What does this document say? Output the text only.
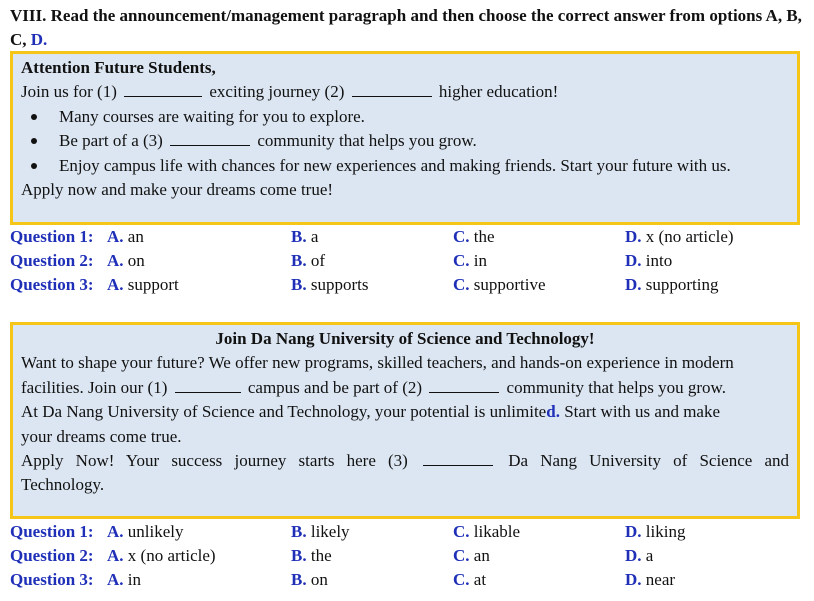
VIII. Read the announcement/management paragraph and then choose the correct answer from options A, B, C, D.
Attention Future Students,
Join us for (1)	exciting journey (2)	higher education!
Many courses are waiting for you to explore.
Be part of a (3)	community that helps you grow.
Enjoy campus life with chances for new experiences and making friends. Start your future with us.
Apply now and make your dreams come true!
Question 1: A. an	B. a	C. the	D. x (no article)
Question 2: A. on	B. of	C. in	D. into
Question 3: A. support	B. supports	C. supportive	D. supporting
Join Da Nang University of Science and Technology!
Want to shape your future? We offer new programs, skilled teachers, and hands-on experience in modern
facilities. Join our (1)	campus and be part of (2)	community that helps you grow.
At Da Nang University of Science and Technology, your potential is unlimited. Start with us and make
your dreams come true.
Apply Now! Your success journey starts here (3)	Da Nang University of Science and
Technology.
Question 1: A. unlikely	B. likely	C. likable	D. liking
Question 2: A. x (no article)	B. the	C. an	D. a
Question 3: A. in	B. on	C. at	D. near
